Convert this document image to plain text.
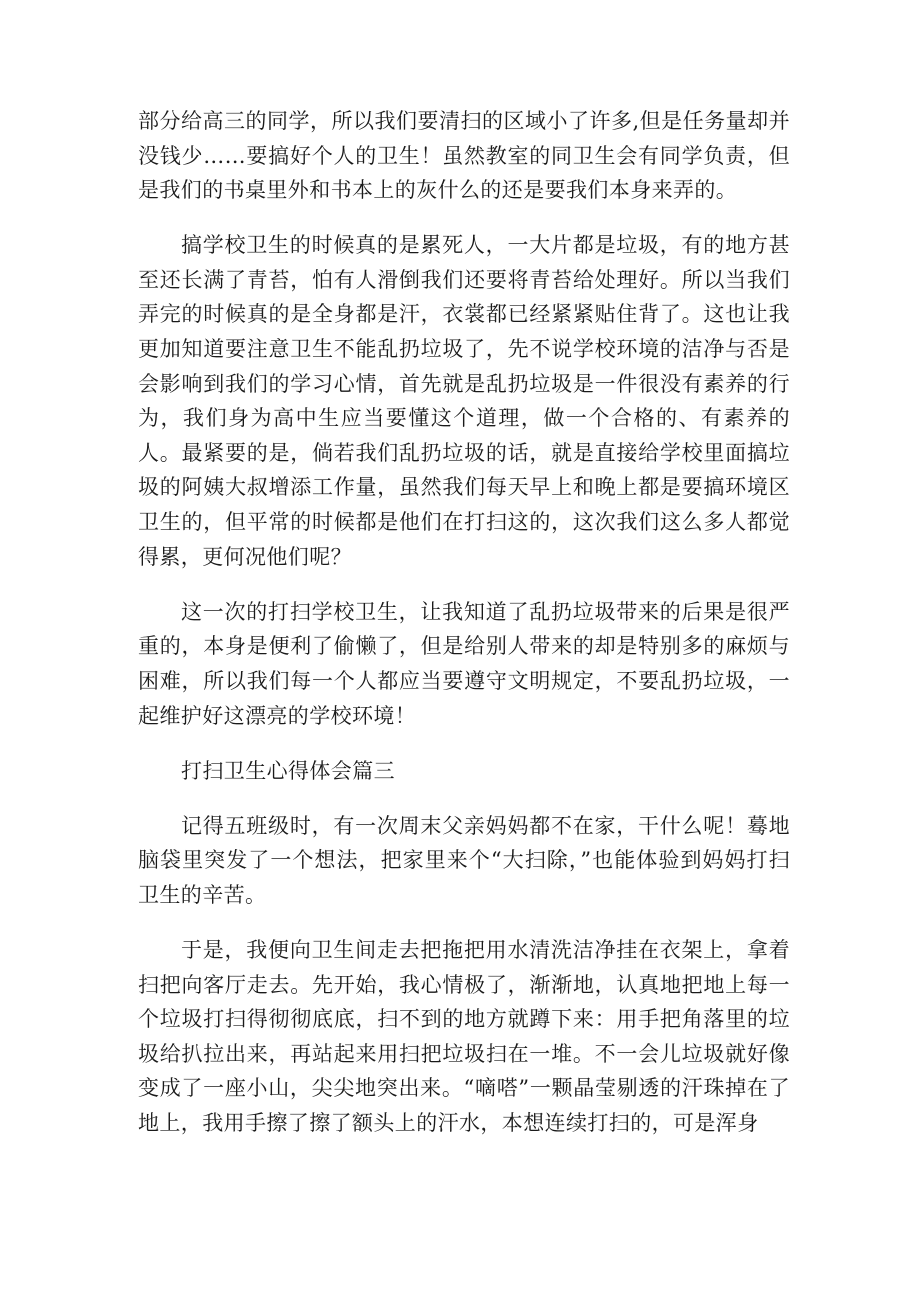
部分给高三的同学，所以我们要清扫的区域小了许多,但是任务量却并没钱少……要搞好个人的卫生！虽然教室的同卫生会有同学负责，但是我们的书桌里外和书本上的灰什么的还是要我们本身来弄的。

搞学校卫生的时候真的是累死人，一大片都是垃圾，有的地方甚至还长满了青苔，怕有人滑倒我们还要将青苔给处理好。所以当我们弄完的时候真的是全身都是汗，衣裳都已经紧紧贴住背了。这也让我更加知道要注意卫生不能乱扔垃圾了，先不说学校环境的洁净与否是会影响到我们的学习心情，首先就是乱扔垃圾是一件很没有素养的行为，我们身为高中生应当要懂这个道理，做一个合格的、有素养的人。最紧要的是，倘若我们乱扔垃圾的话，就是直接给学校里面搞垃圾的阿姨大叔增添工作量，虽然我们每天早上和晚上都是要搞环境区卫生的，但平常的时候都是他们在打扫这的，这次我们这么多人都觉得累，更何况他们呢？

这一次的打扫学校卫生，让我知道了乱扔垃圾带来的后果是很严重的，本身是便利了偷懒了，但是给别人带来的却是特别多的麻烦与困难，所以我们每一个人都应当要遵守文明规定，不要乱扔垃圾，一起维护好这漂亮的学校环境！

打扫卫生心得体会篇三

记得五班级时，有一次周末父亲妈妈都不在家，干什么呢！蓦地脑袋里突发了一个想法，把家里来个“大扫除，”也能体验到妈妈打扫卫生的辛苦。

于是，我便向卫生间走去把拖把用水清洗洁净挂在衣架上，拿着扫把向客厅走去。先开始，我心情极了，渐渐地，认真地把地上每一个垃圾打扫得彻彻底底，扫不到的地方就蹲下来：用手把角落里的垃圾给扒拉出来，再站起来用扫把垃圾扫在一堆。不一会儿垃圾就好像变成了一座小山，尖尖地突出来。“嘀嗒”一颗晶莹剔透的汗珠掉在了地上，我用手擦了擦了额头上的汗水，本想连续打扫的，可是浑身
